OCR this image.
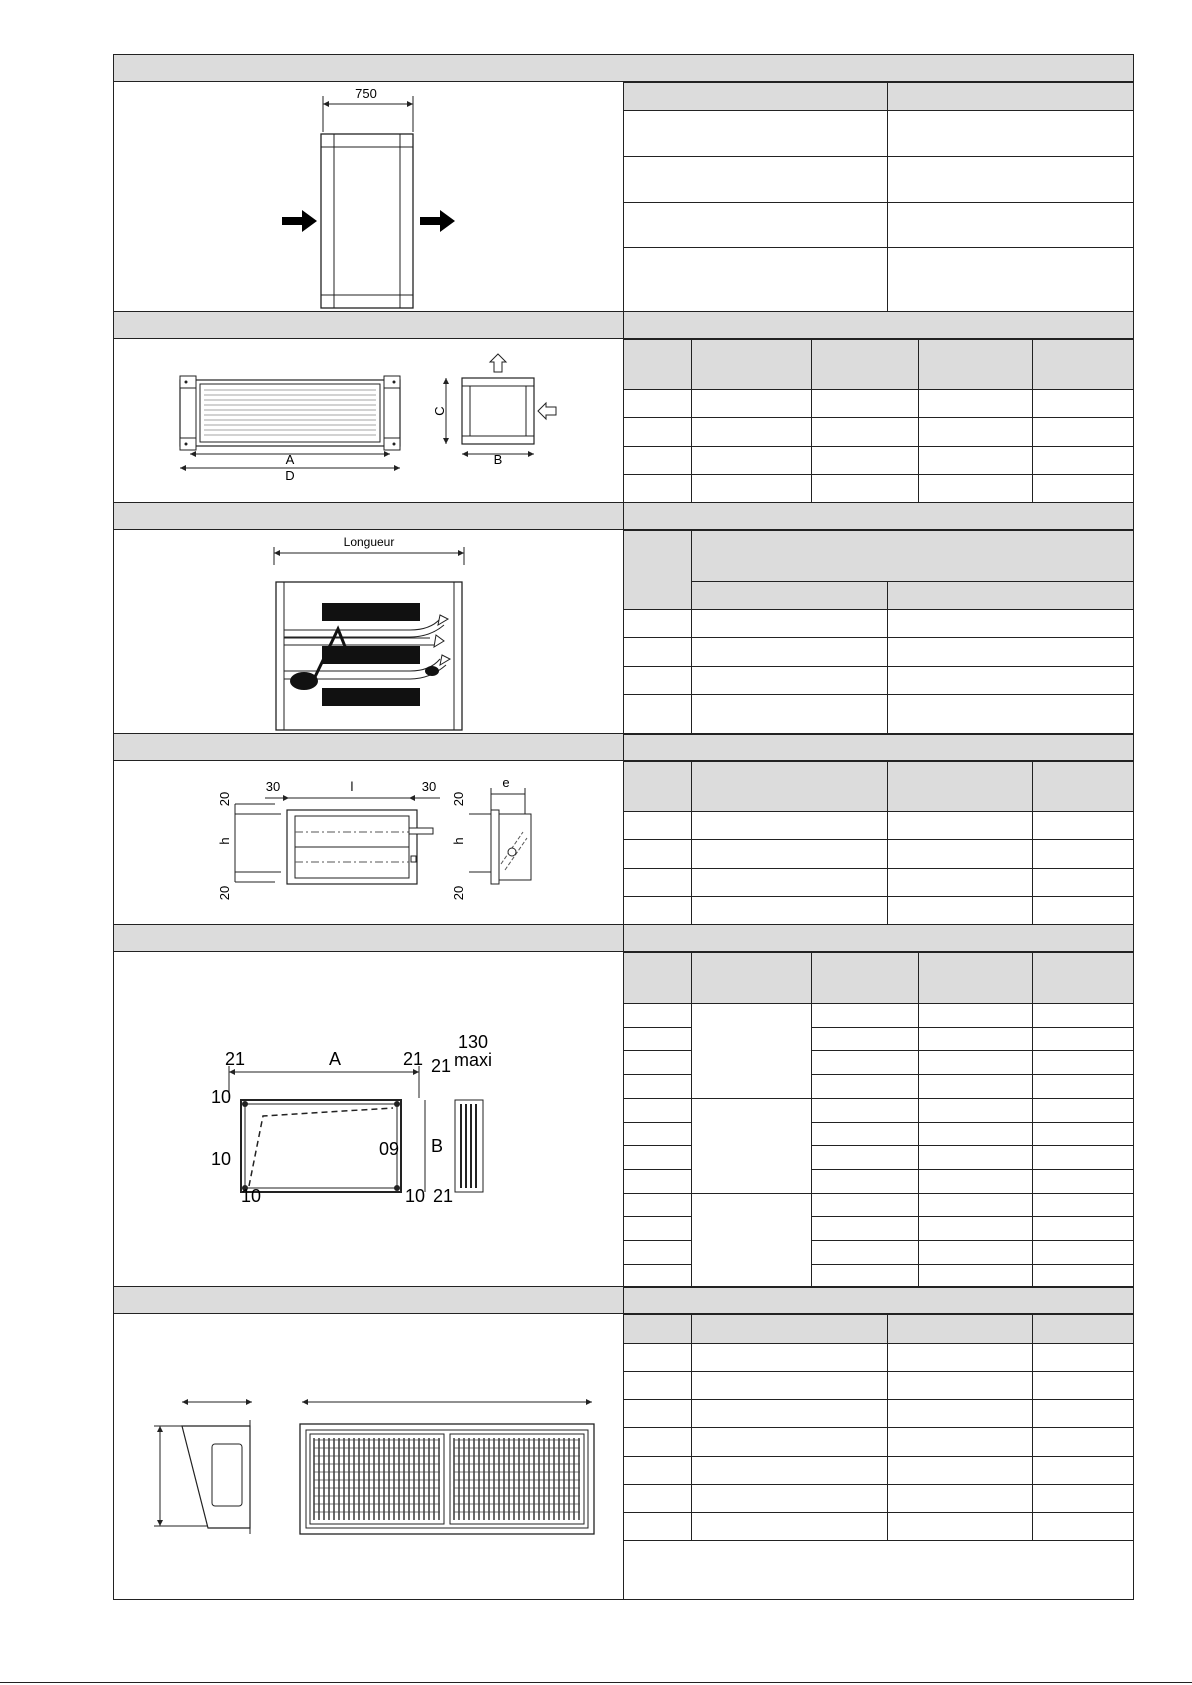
750
A
D
B
C
Longueur
20
h
20
30	l	30
20
h
20
e
21	A	21 21
130
maxi
10
09 B
10
10	10 21
